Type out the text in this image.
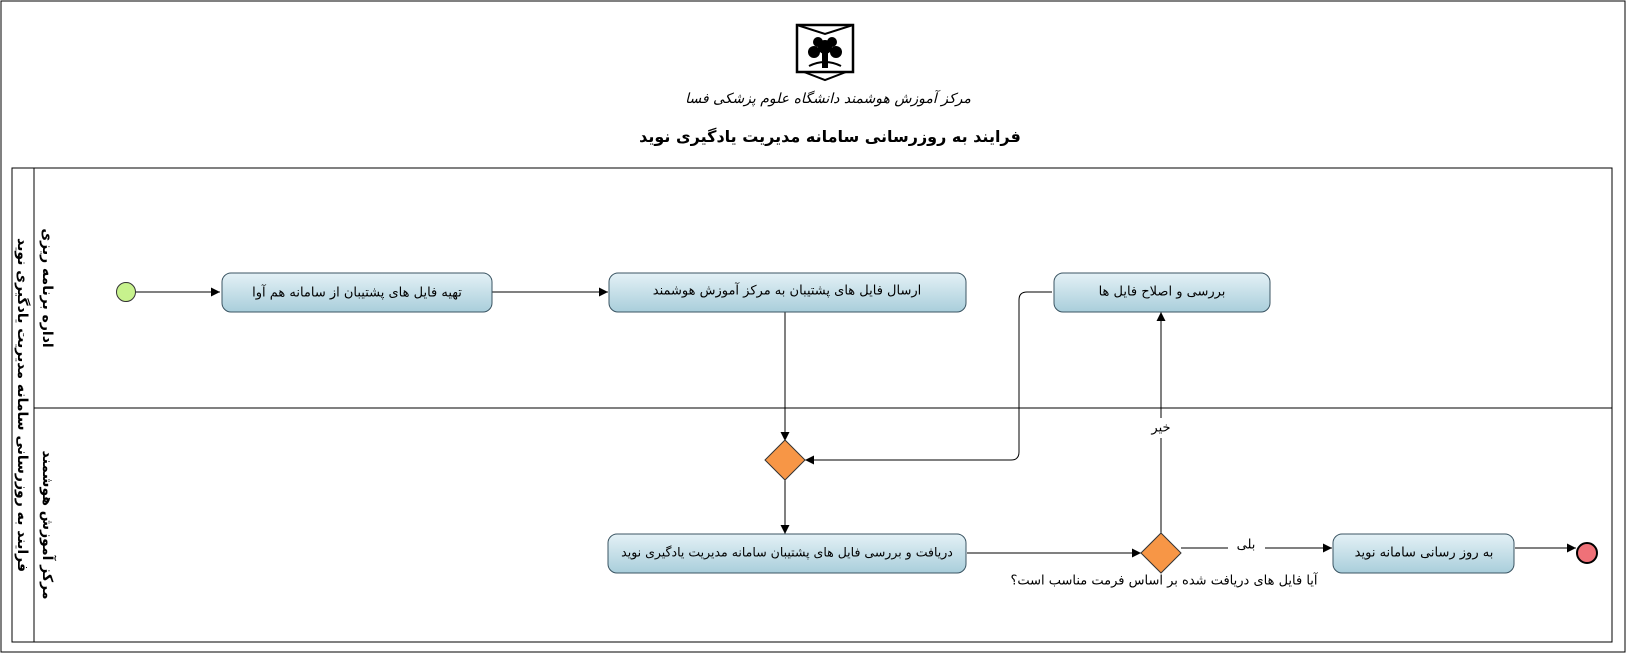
مرکز آموزش هوشمند دانشگاه علوم پزشکی فسا
فرایند به روزرسانی سامانه مدیریت یادگیری نوید
فرایند به روزرسانی سامانه مدیریت یادگیری نوید اداره برنامه ریزی
مرکز آموزش هوشمند
تهیه فایل های پشتیبان از سامانه هم آوا	ارسال فایل های پشتیبان به مرکز آموزش هوشمند	بررسی و اصلاح فایل ها
دریافت و بررسی فایل های پشتیبان سامانه مدیریت یادگیری نوید	به روز رسانی سامانه نوید
خیر
بلی
آیا فایل های دریافت شده بر اساس فرمت مناسب است؟
